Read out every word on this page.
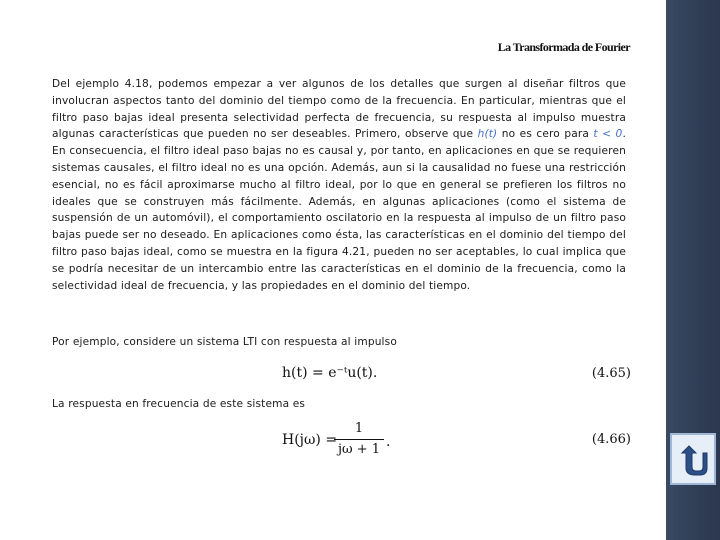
La Transformada de Fourier

Del ejemplo 4.18, podemos empezar a ver algunos de los detalles que surgen al diseñar filtros que involucran aspectos tanto del dominio del tiempo como de la frecuencia. En particular, mientras que el filtro paso bajas ideal presenta selectividad perfecta de frecuencia, su respuesta al impulso muestra algunas características que pueden no ser deseables. Primero, observe que h(t) no es cero para t < 0. En consecuencia, el filtro ideal paso bajas no es causal y, por tanto, en aplicaciones en que se requieren sistemas causales, el filtro ideal no es una opción. Además, aun si la causalidad no fuese una restricción esencial, no es fácil aproximarse mucho al filtro ideal, por lo que en general se prefieren los filtros no ideales que se construyen más fácilmente. Además, en algunas aplicaciones (como el sistema de suspensión de un automóvil), el comportamiento oscilatorio en la respuesta al impulso de un filtro paso bajas puede ser no deseado. En aplicaciones como ésta, las características en el dominio del tiempo del filtro paso bajas ideal, como se muestra en la figura 4.21, pueden no ser aceptables, lo cual implica que se podría necesitar de un intercambio entre las características en el dominio de la frecuencia, como la selectividad ideal de frecuencia, y las propiedades en el dominio del tiempo.

Por ejemplo, considere un sistema LTI con respuesta al impulso

h(t) = e⁻ᵗu(t).	(4.65)

La respuesta en frecuencia de este sistema es

H(jω) =
1
jω + 1 .	(4.66)
